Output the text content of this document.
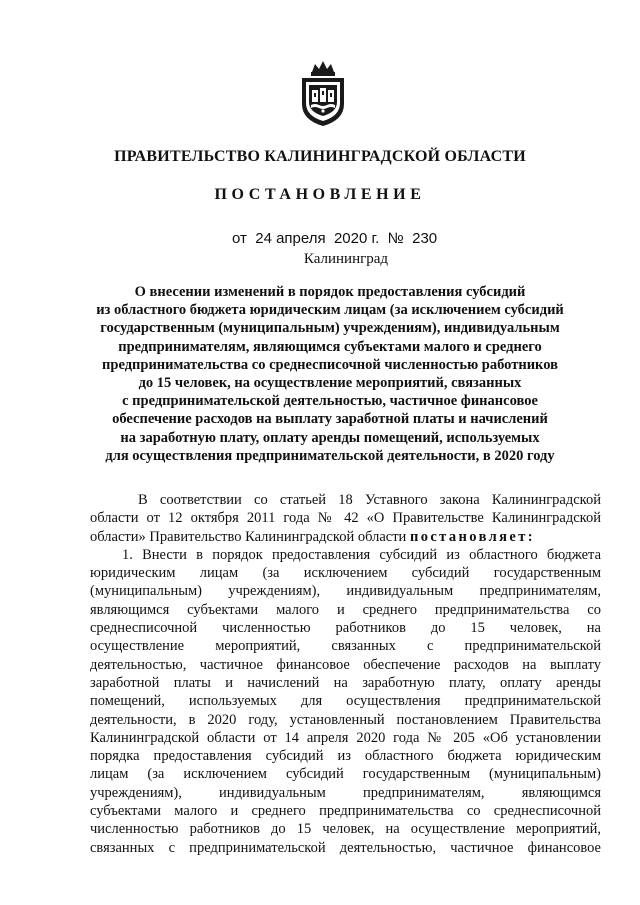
ПРАВИТЕЛЬСТВО КАЛИНИНГРАДСКОЙ ОБЛАСТИ
ПОСТАНОВЛЕНИЕ
от 24 апреля 2020 г. № 230
Калининград
О внесении изменений в порядок предоставления субсидий
из областного бюджета юридическим лицам (за исключением субсидий
государственным (муниципальным) учреждениям), индивидуальным
предпринимателям, являющимся субъектами малого и среднего
предпринимательства со среднесписочной численностью работников
до 15 человек, на осуществление мероприятий, связанных
с предпринимательской деятельностью, частичное финансовое
обеспечение расходов на выплату заработной платы и начислений
на заработную плату, оплату аренды помещений, используемых
для осуществления предпринимательской деятельности, в 2020 году
В соответствии со статьей 18 Уставного закона Калининградской
области от 12 октября 2011 года № 42 «О Правительстве Калининградской
области» Правительство Калининградской области постановляет:
1. Внести в порядок предоставления субсидий из областного бюджета
юридическим лицам (за исключением субсидий государственным
(муниципальным) учреждениям), индивидуальным предпринимателям,
являющимся субъектами малого и среднего предпринимательства со
среднесписочной численностью работников до 15 человек, на
осуществление мероприятий, связанных с предпринимательской
деятельностью, частичное финансовое обеспечение расходов на выплату
заработной платы и начислений на заработную плату, оплату аренды
помещений, используемых для осуществления предпринимательской
деятельности, в 2020 году, установленный постановлением Правительства
Калининградской области от 14 апреля 2020 года № 205 «Об установлении
порядка предоставления субсидий из областного бюджета юридическим
лицам (за исключением субсидий государственным (муниципальным)
учреждениям), индивидуальным предпринимателям, являющимся
субъектами малого и среднего предпринимательства со среднесписочной
численностью работников до 15 человек, на осуществление мероприятий,
связанных с предпринимательской деятельностью, частичное финансовое
